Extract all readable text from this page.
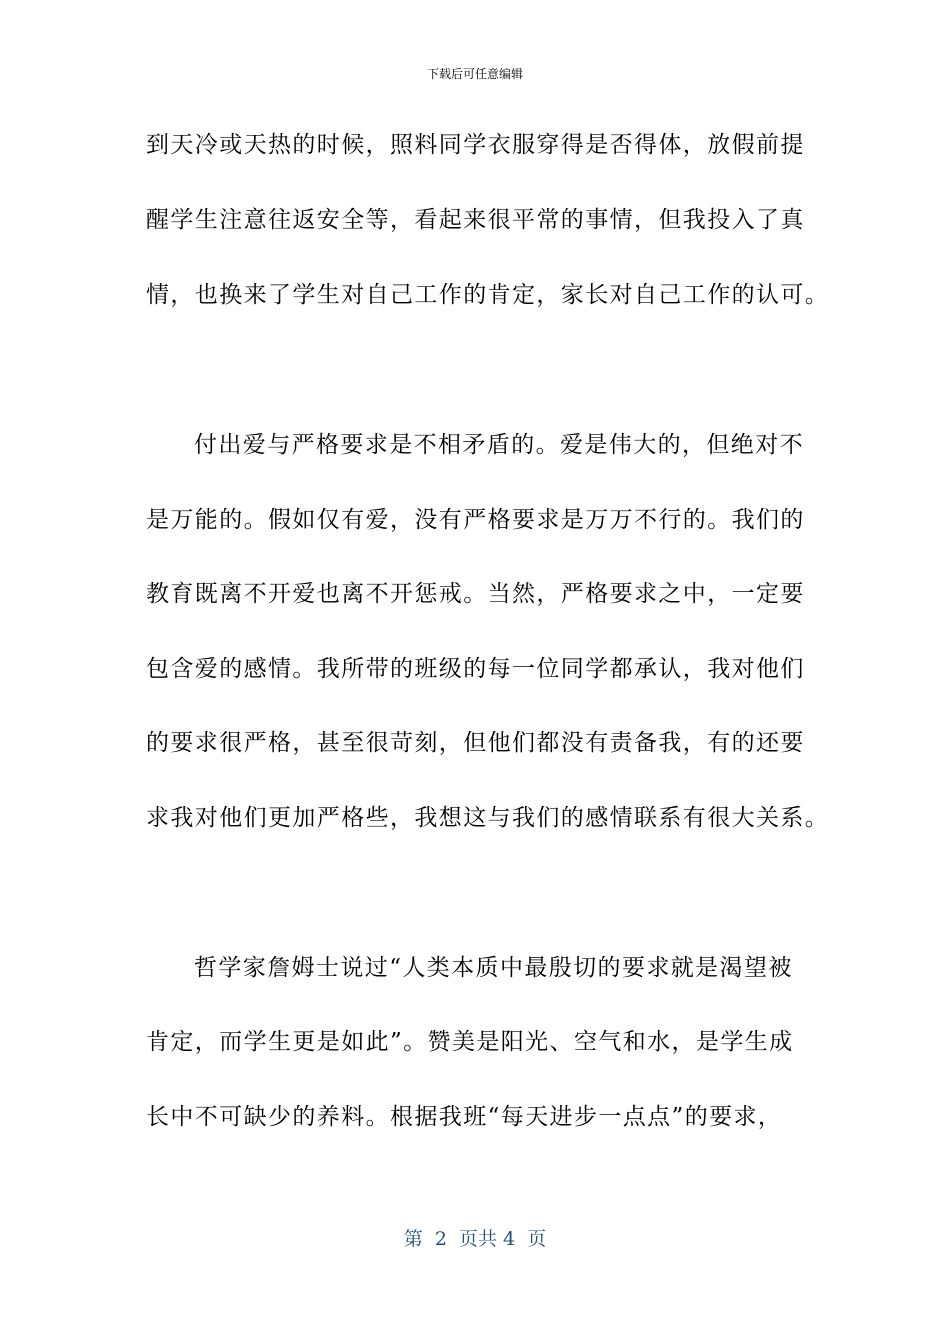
下载后可任意编辑
到天冷或天热的时候，照料同学衣服穿得是否得体，放假前提
醒学生注意往返安全等，看起来很平常的事情，但我投入了真
情，也换来了学生对自己工作的肯定，家长对自己工作的认可。
付出爱与严格要求是不相矛盾的。爱是伟大的，但绝对不
是万能的。假如仅有爱，没有严格要求是万万不行的。我们的
教育既离不开爱也离不开惩戒。当然，严格要求之中，一定要
包含爱的感情。我所带的班级的每一位同学都承认，我对他们
的要求很严格，甚至很苛刻，但他们都没有责备我，有的还要
求我对他们更加严格些，我想这与我们的感情联系有很大关系。
哲学家詹姆士说过“人类本质中最殷切的要求就是渴望被
肯定，而学生更是如此”。赞美是阳光、空气和水，是学生成
长中不可缺少的养料。根据我班“每天进步一点点”的要求，
第  2  页共 4  页
